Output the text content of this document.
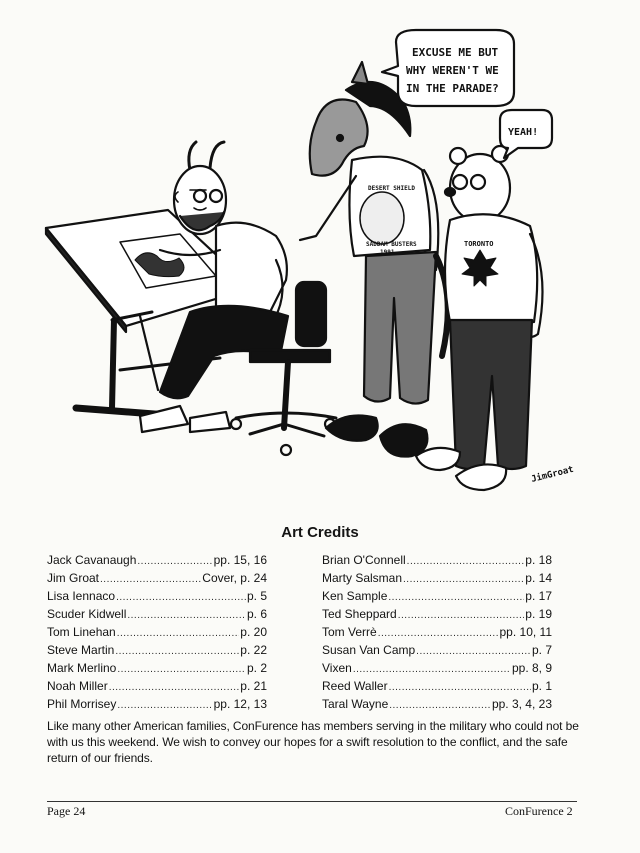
EXCUSE ME BUT
WHY WEREN'T WE
IN THE PARADE?
YEAH!
DESERT SHIELD
SADDAM BUSTERS
1991
TORONTO
JimGroat
Art Credits
Jack Cavanaugh .....	pp. 15, 16
Jim Groat .....	Cover, p. 24
Lisa Iennaco .....	p. 5
Scuder Kidwell .....	p. 6
Tom Linehan .....	p. 20
Steve Martin .....	p. 22
Mark Merlino .....	p. 2
Noah Miller .....	p. 21
Phil Morrisey .....	pp. 12, 13
Brian O'Connell .....	p. 18
Marty Salsman .....	p. 14
Ken Sample .....	p. 17
Ted Sheppard .....	p. 19
Tom Verrè .....	pp. 10, 11
Susan Van Camp .....	p. 7
Vixen .....	pp. 8, 9
Reed Waller .....	p. 1
Taral Wayne .....	pp. 3, 4, 23
Like many other American families, ConFurence has members serving in the military who could not be with us this weekend. We wish to convey our hopes for a swift resolution to the conflict, and the safe return of our friends.
Page 24	ConFurence 2
